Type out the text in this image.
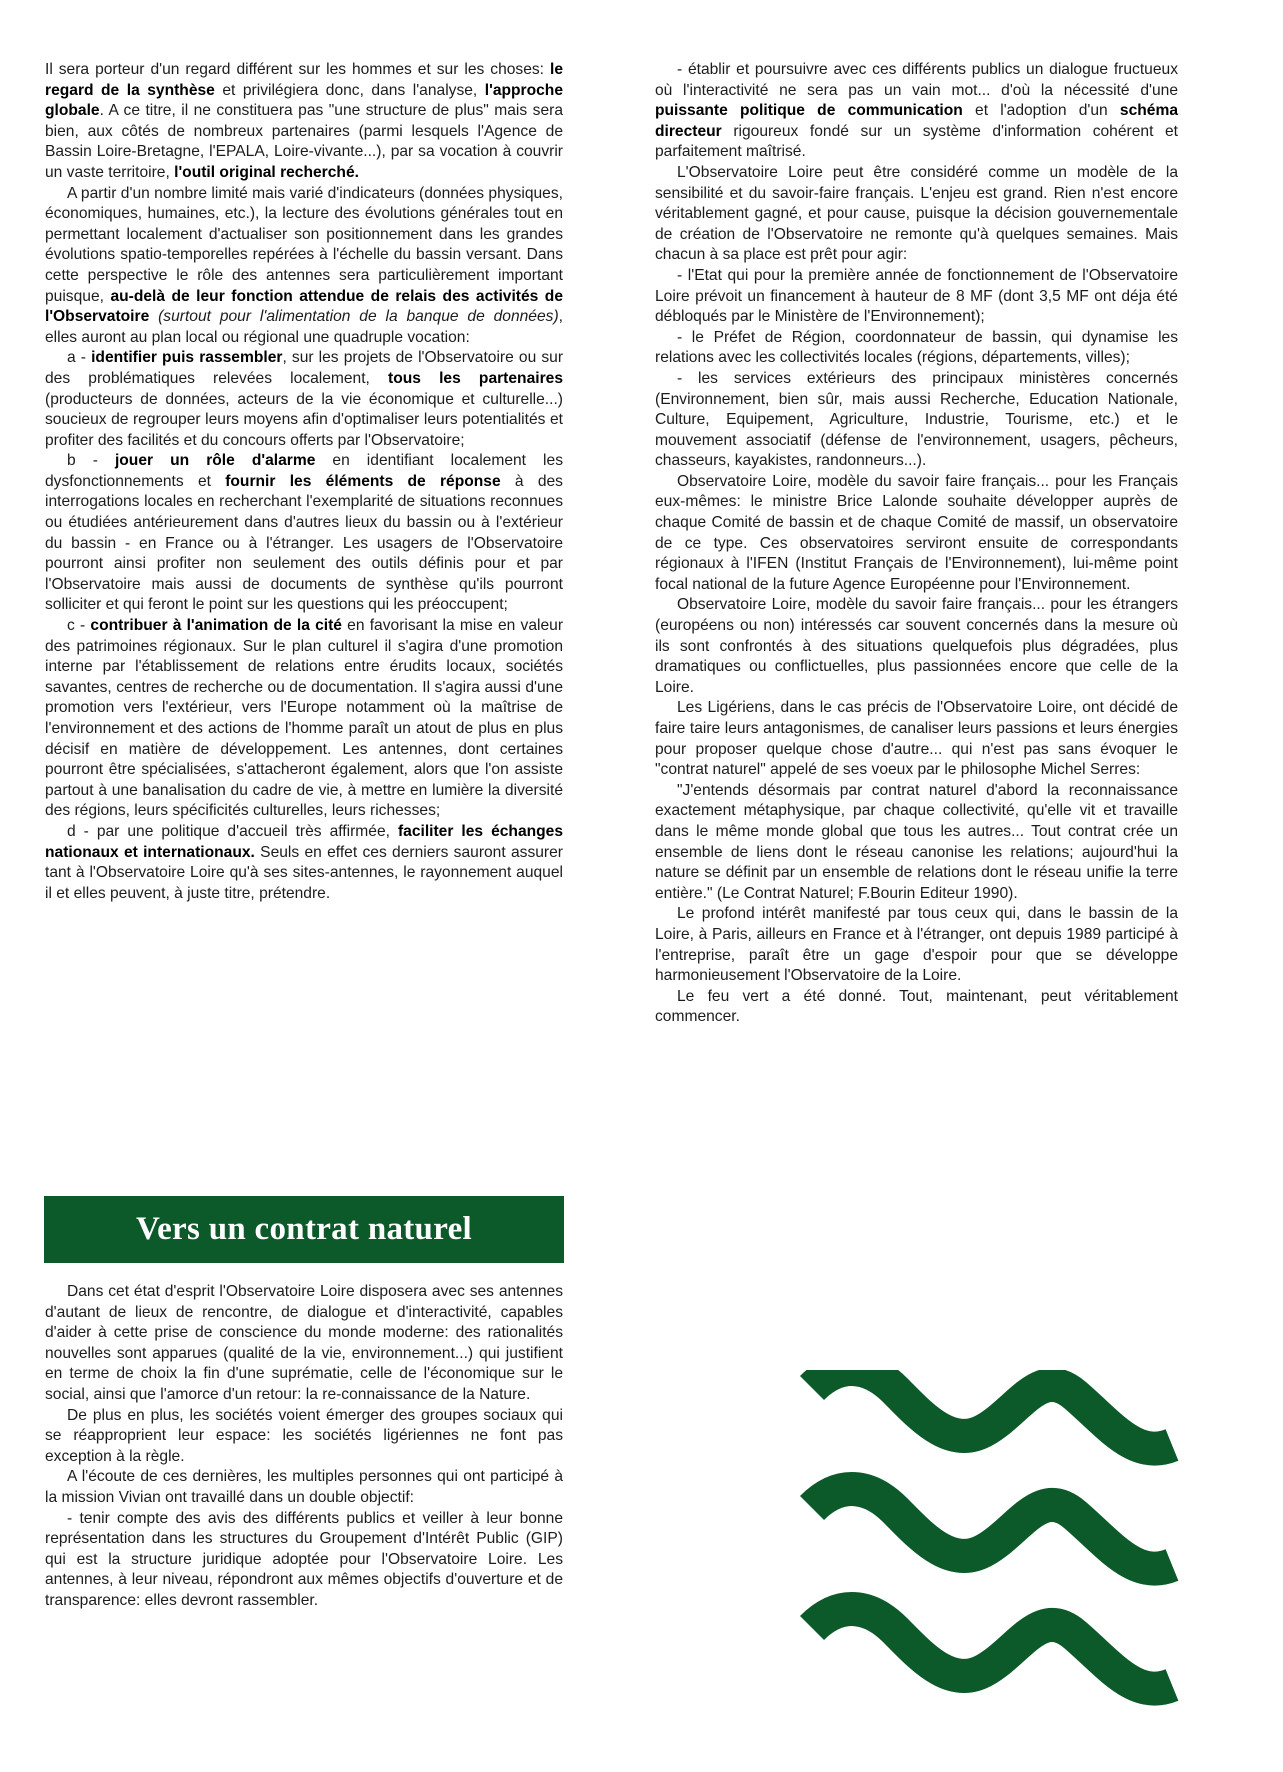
Il sera porteur d'un regard différent sur les hommes et sur les choses: le regard de la synthèse et privilégiera donc, dans l'analyse, l'approche globale. A ce titre, il ne constituera pas "une structure de plus" mais sera bien, aux côtés de nombreux partenaires (parmi lesquels l'Agence de Bassin Loire-Bretagne, l'EPALA, Loire-vivante...), par sa vocation à couvrir un vaste territoire, l'outil original recherché.

A partir d'un nombre limité mais varié d'indicateurs (données physiques, économiques, humaines, etc.), la lecture des évolutions générales tout en permettant localement d'actualiser son positionnement dans les grandes évolutions spatio-temporelles repérées à l'échelle du bassin versant. Dans cette perspective le rôle des antennes sera particulièrement important puisque, au-delà de leur fonction attendue de relais des activités de l'Observatoire (surtout pour l'alimentation de la banque de données), elles auront au plan local ou régional une quadruple vocation:

a - identifier puis rassembler, sur les projets de l'Observatoire ou sur des problématiques relevées localement, tous les partenaires (producteurs de données, acteurs de la vie économique et culturelle...) soucieux de regrouper leurs moyens afin d'optimaliser leurs potentialités et profiter des facilités et du concours offerts par l'Observatoire;

b - jouer un rôle d'alarme en identifiant localement les dysfonctionnements et fournir les éléments de réponse à des interrogations locales en recherchant l'exemplarité de situations reconnues ou étudiées antérieurement dans d'autres lieux du bassin ou à l'extérieur du bassin - en France ou à l'étranger. Les usagers de l'Observatoire pourront ainsi profiter non seulement des outils définis pour et par l'Observatoire mais aussi de documents de synthèse qu'ils pourront solliciter et qui feront le point sur les questions qui les préoccupent;

c - contribuer à l'animation de la cité en favorisant la mise en valeur des patrimoines régionaux. Sur le plan culturel il s'agira d'une promotion interne par l'établissement de relations entre érudits locaux, sociétés savantes, centres de recherche ou de documentation. Il s'agira aussi d'une promotion vers l'extérieur, vers l'Europe notamment où la maîtrise de l'environnement et des actions de l'homme paraît un atout de plus en plus décisif en matière de développement. Les antennes, dont certaines pourront être spécialisées, s'attacheront également, alors que l'on assiste partout à une banalisation du cadre de vie, à mettre en lumière la diversité des régions, leurs spécificités culturelles, leurs richesses;

d - par une politique d'accueil très affirmée, faciliter les échanges nationaux et internationaux. Seuls en effet ces derniers sauront assurer tant à l'Observatoire Loire qu'à ses sites-antennes, le rayonnement auquel il et elles peuvent, à juste titre, prétendre.

Vers un contrat naturel

Dans cet état d'esprit l'Observatoire Loire disposera avec ses antennes d'autant de lieux de rencontre, de dialogue et d'interactivité, capables d'aider à cette prise de conscience du monde moderne: des rationalités nouvelles sont apparues (qualité de la vie, environnement...) qui justifient en terme de choix la fin d'une suprématie, celle de l'économique sur le social, ainsi que l'amorce d'un retour: la re-connaissance de la Nature.

De plus en plus, les sociétés voient émerger des groupes sociaux qui se réapproprient leur espace: les sociétés ligériennes ne font pas exception à la règle.

A l'écoute de ces dernières, les multiples personnes qui ont participé à la mission Vivian ont travaillé dans un double objectif:

- tenir compte des avis des différents publics et veiller à leur bonne représentation dans les structures du Groupement d'Intérêt Public (GIP) qui est la structure juridique adoptée pour l'Observatoire Loire. Les antennes, à leur niveau, répondront aux mêmes objectifs d'ouverture et de transparence: elles devront rassembler.

- établir et poursuivre avec ces différents publics un dialogue fructueux où l'interactivité ne sera pas un vain mot... d'où la nécessité d'une puissante politique de communication et l'adoption d'un schéma directeur rigoureux fondé sur un système d'information cohérent et parfaitement maîtrisé.

L'Observatoire Loire peut être considéré comme un modèle de la sensibilité et du savoir-faire français. L'enjeu est grand. Rien n'est encore véritablement gagné, et pour cause, puisque la décision gouvernementale de création de l'Observatoire ne remonte qu'à quelques semaines. Mais chacun à sa place est prêt pour agir:

- l'Etat qui pour la première année de fonctionnement de l'Observatoire Loire prévoit un financement à hauteur de 8 MF (dont 3,5 MF ont déja été débloqués par le Ministère de l'Environnement);

- le Préfet de Région, coordonnateur de bassin, qui dynamise les relations avec les collectivités locales (régions, départements, villes);

- les services extérieurs des principaux ministères concernés (Environnement, bien sûr, mais aussi Recherche, Education Nationale, Culture, Equipement, Agriculture, Industrie, Tourisme, etc.) et le mouvement associatif (défense de l'environnement, usagers, pêcheurs, chasseurs, kayakistes, randonneurs...).

Observatoire Loire, modèle du savoir faire français... pour les Français eux-mêmes: le ministre Brice Lalonde souhaite développer auprès de chaque Comité de bassin et de chaque Comité de massif, un observatoire de ce type. Ces observatoires serviront ensuite de correspondants régionaux à l'IFEN (Institut Français de l'Environnement), lui-même point focal national de la future Agence Européenne pour l'Environnement.

Observatoire Loire, modèle du savoir faire français... pour les étrangers (européens ou non) intéressés car souvent concernés dans la mesure où ils sont confrontés à des situations quelquefois plus dégradées, plus dramatiques ou conflictuelles, plus passionnées encore que celle de la Loire.

Les Ligériens, dans le cas précis de l'Observatoire Loire, ont décidé de faire taire leurs antagonismes, de canaliser leurs passions et leurs énergies pour proposer quelque chose d'autre... qui n'est pas sans évoquer le "contrat naturel" appelé de ses voeux par le philosophe Michel Serres:

"J'entends désormais par contrat naturel d'abord la reconnaissance exactement métaphysique, par chaque collectivité, qu'elle vit et travaille dans le même monde global que tous les autres... Tout contrat crée un ensemble de liens dont le réseau canonise les relations; aujourd'hui la nature se définit par un ensemble de relations dont le réseau unifie la terre entière." (Le Contrat Naturel; F.Bourin Editeur 1990).

Le profond intérêt manifesté par tous ceux qui, dans le bassin de la Loire, à Paris, ailleurs en France et à l'étranger, ont depuis 1989 participé à l'entreprise, paraît être un gage d'espoir pour que se développe harmonieusement l'Observatoire de la Loire.

Le feu vert a été donné. Tout, maintenant, peut véritablement commencer.
